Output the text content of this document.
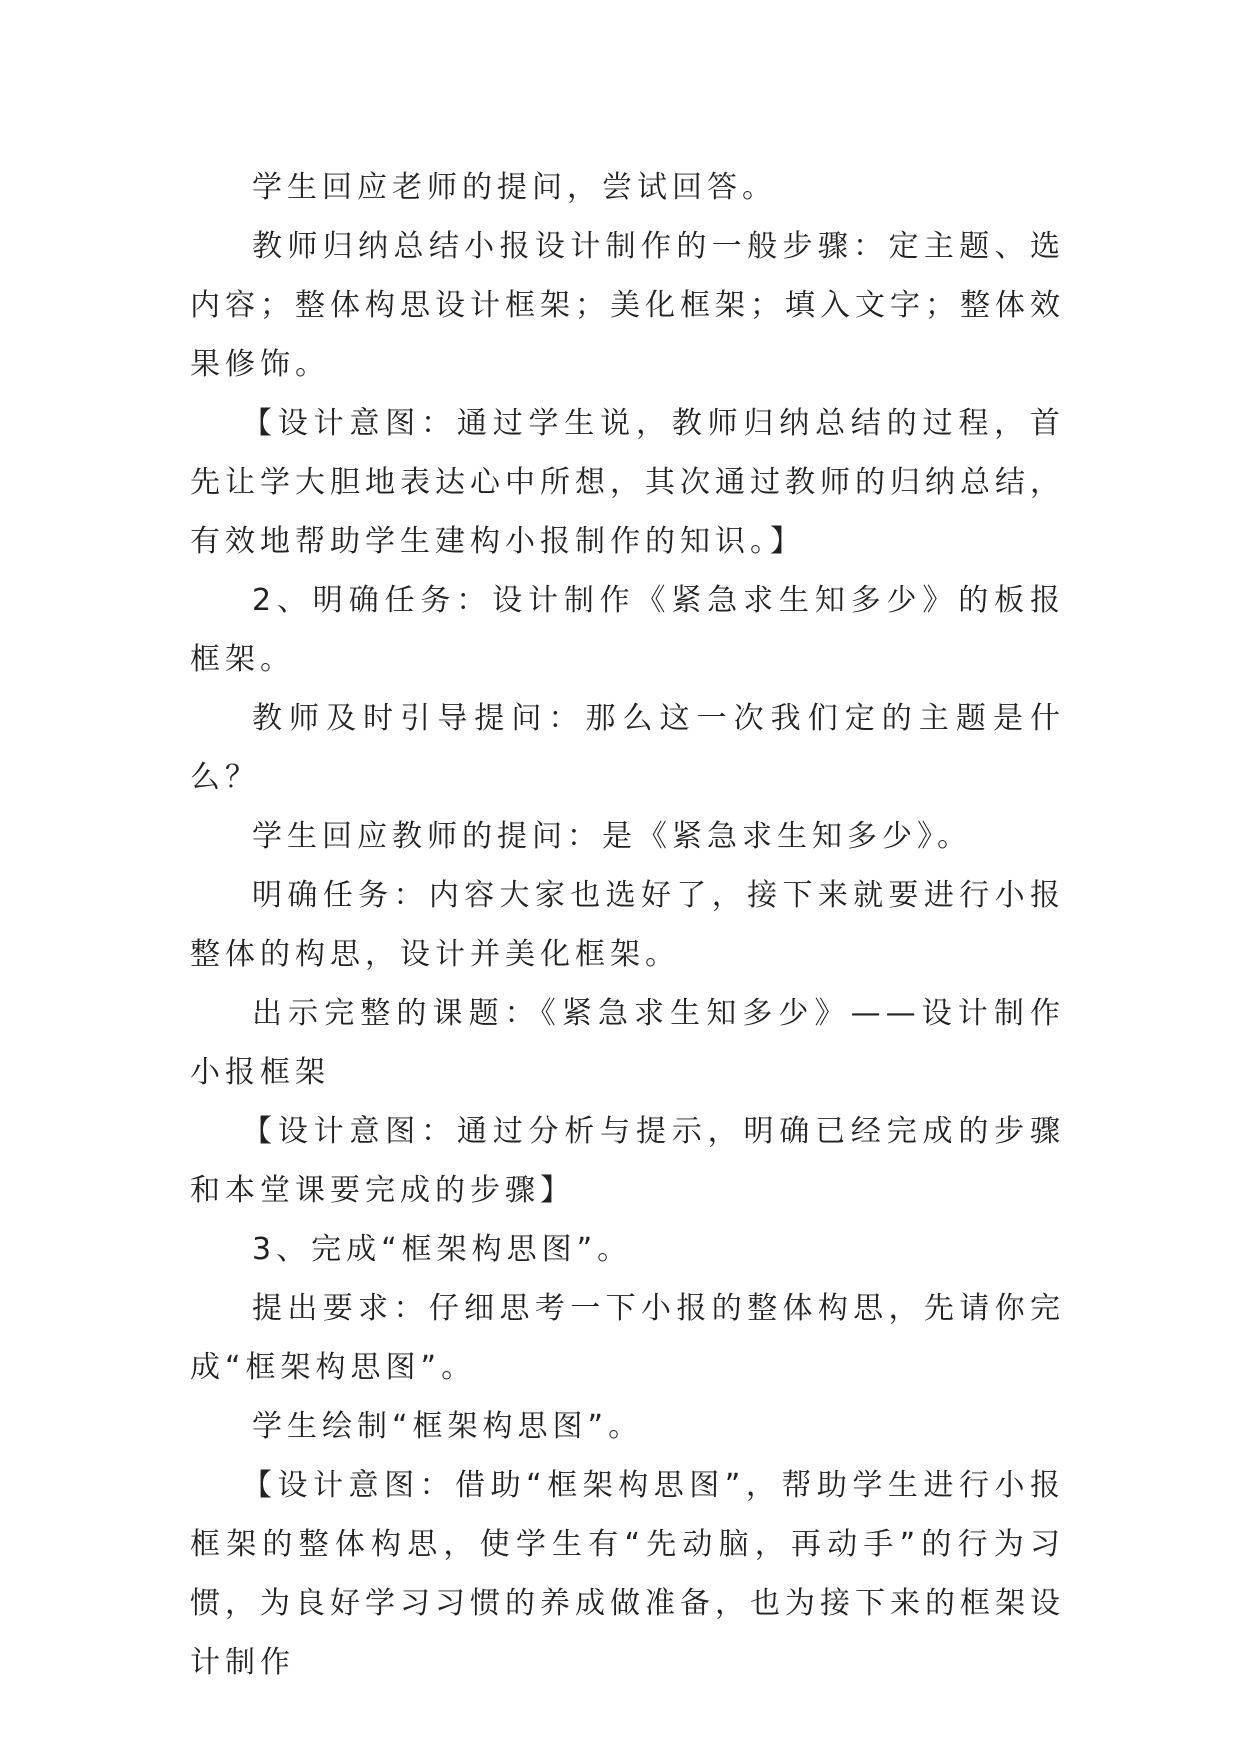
学生回应老师的提问，尝试回答。

教师归纳总结小报设计制作的一般步骤：定主题、选内容；整体构思设计框架；美化框架；填入文字；整体效果修饰。

【设计意图：通过学生说，教师归纳总结的过程，首先让学大胆地表达心中所想，其次通过教师的归纳总结，有效地帮助学生建构小报制作的知识。】

2、明确任务：设计制作《紧急求生知多少》的板报框架。

教师及时引导提问：那么这一次我们定的主题是什么？

学生回应教师的提问：是《紧急求生知多少》。

明确任务：内容大家也选好了，接下来就要进行小报整体的构思，设计并美化框架。

出示完整的课题：《紧急求生知多少》——设计制作小报框架

【设计意图：通过分析与提示，明确已经完成的步骤和本堂课要完成的步骤】

3、完成“框架构思图”。

提出要求：仔细思考一下小报的整体构思，先请你完成“框架构思图”。

学生绘制“框架构思图”。

【设计意图：借助“框架构思图”，帮助学生进行小报框架的整体构思，使学生有“先动脑，再动手”的行为习惯，为良好学习习惯的养成做准备，也为接下来的框架设计制作
